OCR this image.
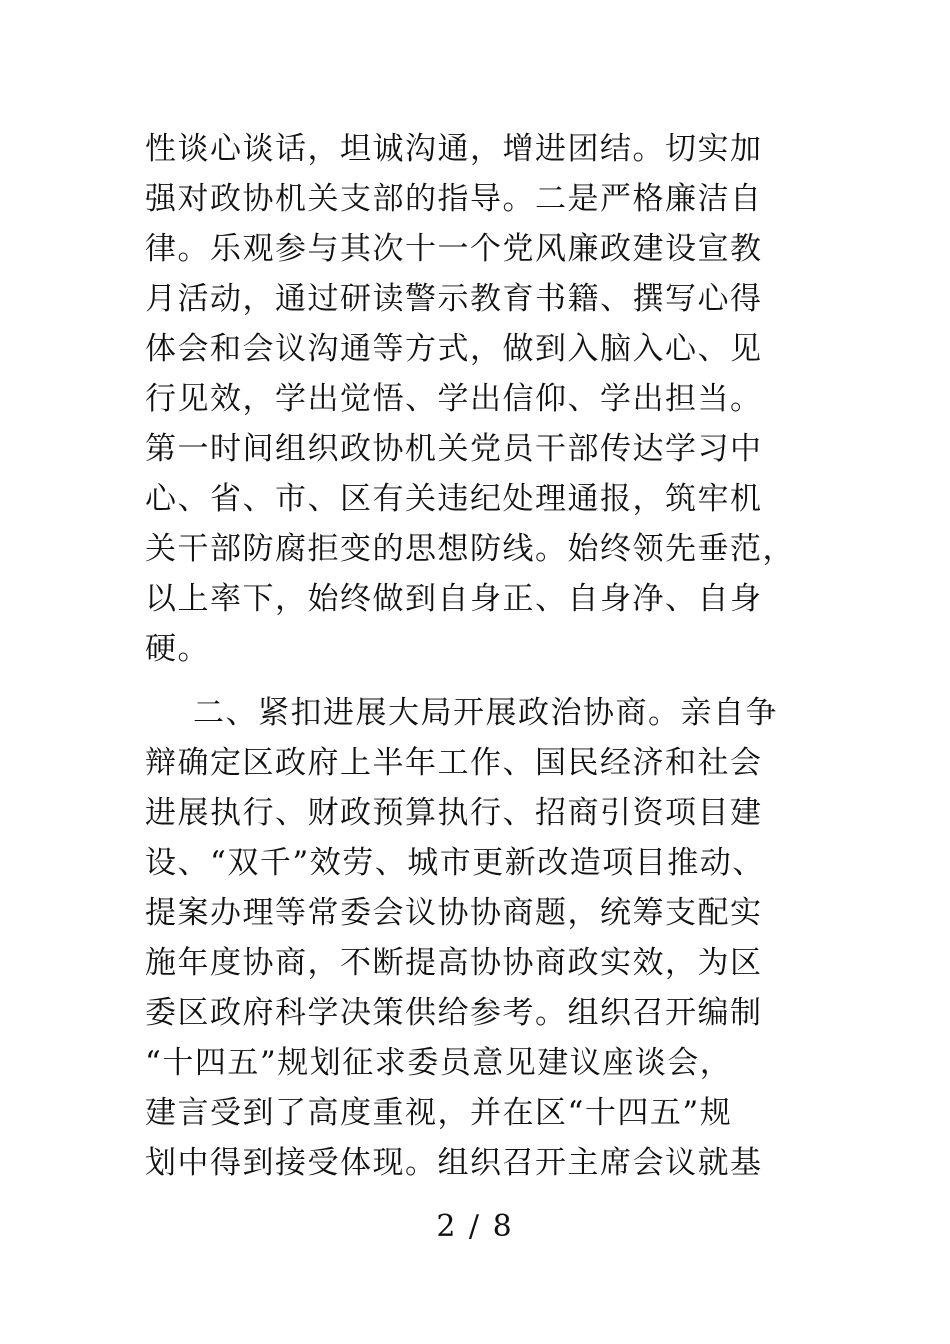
性谈心谈话，坦诚沟通，增进团结。切实加
强对政协机关支部的指导。二是严格廉洁自
律。乐观参与其次十一个党风廉政建设宣教
月活动，通过研读警示教育书籍、撰写心得
体会和会议沟通等方式，做到入脑入心、见
行见效，学出觉悟、学出信仰、学出担当。
第一时间组织政协机关党员干部传达学习中
心、省、市、区有关违纪处理通报，筑牢机
关干部防腐拒变的思想防线。始终领先垂范，
以上率下，始终做到自身正、自身净、自身
硬。
二、紧扣进展大局开展政治协商。亲自争
辩确定区政府上半年工作、国民经济和社会
进展执行、财政预算执行、招商引资项目建
设、“双千”效劳、城市更新改造项目推动、
提案办理等常委会议协协商题，统筹支配实
施年度协商，不断提高协协商政实效，为区
委区政府科学决策供给参考。组织召开编制
“十四五”规划征求委员意见建议座谈会，
建言受到了高度重视，并在区“十四五”规
划中得到接受体现。组织召开主席会议就基
2 / 8
